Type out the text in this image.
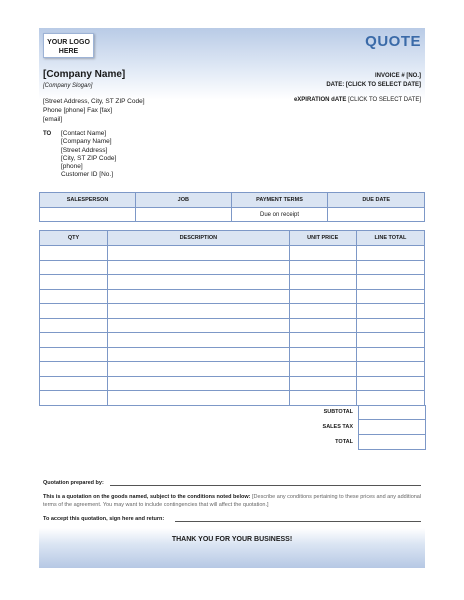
YOUR LOGO HERE
QUOTE
[Company Name]
[Company Slogan]
[Street Address, City, ST ZIP Code]
Phone [phone] Fax [fax]
[email]
INVOICE # [NO.]
DATE: [CLICK TO SELECT DATE]
eXPIRATION dATE [CLICK TO SELECT DATE]
TO [Contact Name]
[Company Name]
[Street Address]
[City, ST ZIP Code]
[phone]
Customer ID [No.]
SALESPERSON	JOB	PAYMENT TERMS	DUE DATE
		Due on receipt	
QTY	DESCRIPTION	UNIT PRICE	LINE TOTAL

SUBTOTAL
SALES TAX
TOTAL
Quotation prepared by:
This is a quotation on the goods named, subject to the conditions noted below: [Describe any conditions pertaining to these prices and any additional terms of the agreement. You may want to include contingencies that will affect the quotation.]
To accept this quotation, sign here and return:
THANK YOU FOR YOUR BUSINESS!
